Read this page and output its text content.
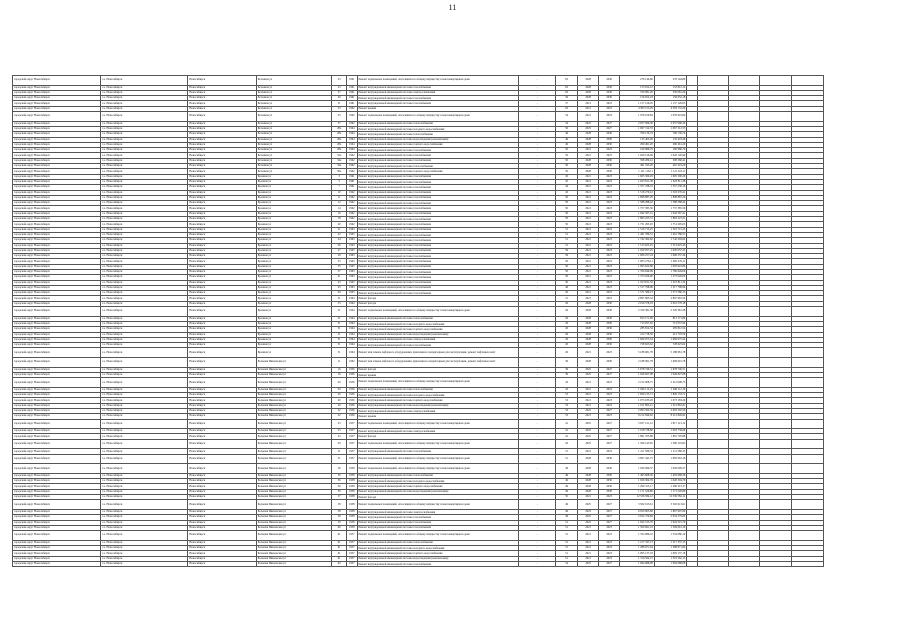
11
городской округ Новосибирск	г.о. Новосибирск	Новосибирск	Бетонная ул	23	1961	Ремонт подвальных помещений, относящихся к общему имуществу в многоквартирном доме	-	63	2028	2030	276 144,80	276 144,80					
городской округ Новосибирск	г.о. Новосибирск	Новосибирск	Бетонная ул	25	1961	Ремонт внутридомовой инженерной системы газоснабжения	-	63	2028	2030	153 812,12	153 812,12					
городской округ Новосибирск	г.о. Новосибирск	Новосибирск	Бетонная ул	27	1961	Ремонт внутридомовой инженерной системы электроснабжения	-	63	2028	2030	550 081,26	550 081,26					
городской округ Новосибирск	г.о. Новосибирск	Новосибирск	Бетонная ул	29	1961	Ремонт внутридомовой инженерной системы газоснабжения	-	56	2028	2030	156 652,18	156 652,18					
городской округ Новосибирск	г.о. Новосибирск	Новосибирск	Бетонная ул	31	1961	Ремонт внутридомовой инженерной системы газоснабжения	-	57	2021	2023	1 157 126,05	1 157 126,05					
городской округ Новосибирск	г.о. Новосибирск	Новосибирск	Бетонная ул	33	1962	Ремонт крыши	-	63	2021	2023	4 393 153,29	4 393 153,29					
городской округ Новосибирск	г.о. Новосибирск	Новосибирск	Бетонная ул	35	1962	Ремонт подвальных помещений, относящихся к общему имуществу в многоквартирном доме	-	54	2021	2023	1 076 919,84	1 076 919,84					
городской округ Новосибирск	г.о. Новосибирск	Новосибирск	Бетонная ул	37	1962	Ремонт внутридомовой инженерной системы теплоснабжения	-	54	2025	2027	2 057 996,30	2 057 996,30					
городской округ Новосибирск	г.о. Новосибирск	Новосибирск	Бетонная ул	28а	1964	Ремонт внутридомовой инженерной системы холодного водоснабжения	-	50	2025	2027	1 067 312,53	1 067 312,53					
городской округ Новосибирск	г.о. Новосибирск	Новосибирск	Бетонная ул	28а	1964	Ремонт внутридомовой инженерной системы теплоснабжения	-	49	2028	2030	790 139,74	790 139,74					
городской округ Новосибирск	г.о. Новосибирск	Новосибирск	Бетонная ул	28а	1964	Ремонт внутридомовой инженерной системы водоотведения (канализации)	-	49	2028	2030	135 403,46	135 403,46					
городской округ Новосибирск	г.о. Новосибирск	Новосибирск	Бетонная ул	28а	1964	Ремонт внутридомовой инженерной системы горячего водоснабжения	-	49	2028	2030	290 461,20	290 461,20					
городской округ Новосибирск	г.о. Новосибирск	Новосибирск	Бетонная ул	28а	1964	Ремонт внутридомовой инженерной системы газоснабжения	-	50	2021	2023	160 986,79	160 986,79					
городской округ Новосибирск	г.о. Новосибирск	Новосибирск	Бетонная ул	32а	1962	Ремонт внутридомовой инженерной системы газоснабжения	-	50	2021	2023	1 020 126,99	1 020 126,99					
городской округ Новосибирск	г.о. Новосибирск	Новосибирск	Бетонная ул	34а	1962	Ремонт внутридомовой инженерной системы газоснабжения	-	50	2028	2030	598 280,41	598 280,41					
городской округ Новосибирск	г.о. Новосибирск	Новосибирск	Бетонная ул	34а	1962	Ремонт внутридомовой инженерной системы теплоснабжения	-	50	2028	2030	491 323,20	491 323,20					
городской округ Новосибирск	г.о. Новосибирск	Новосибирск	Бетонная ул	36а	1962	Ремонт внутридомовой инженерной системы горячего водоснабжения	-	50	2028	2030	1 121 118,11	1 121 118,11					
городской округ Новосибирск	г.о. Новосибирск	Новосибирск	Бронная ул	3	1961	Ремонт внутридомовой инженерной системы газоснабжения	-	45	2021	2023	1 605 300,29	1 605 300,29					
городской округ Новосибирск	г.о. Новосибирск	Новосибирск	Бронная ул	5	1961	Ремонт внутридомовой инженерной системы газоснабжения	-	45	2021	2023	1 623 811,38	1 623 811,38					
городской округ Новосибирск	г.о. Новосибирск	Новосибирск	Бронная ул	7	1961	Ремонт внутридомовой инженерной системы газоснабжения	-	44	2021	2023	1 557 238,16	1 557 238,16					
городской округ Новосибирск	г.о. Новосибирск	Новосибирск	Бронная ул	10	1962	Ремонт внутридомовой инженерной системы газоснабжения	-	45	2021	2023	1 518 270,41	1 518 270,41					
городской округ Новосибирск	г.о. Новосибирск	Новосибирск	Бронная ул	11	1962	Ремонт внутридомовой инженерной системы газоснабжения	-	50	2021	2023	1 898 887,20	1 898 887,20					
городской округ Новосибирск	г.о. Новосибирск	Новосибирск	Бронная ул	12	1962	Ремонт внутридомовой инженерной системы газоснабжения	-	50	2021	2023	1 588 288,42	1 588 288,42					
городской округ Новосибирск	г.о. Новосибирск	Новосибирск	Бронная ул	14	1962	Ремонт внутридомовой инженерной системы газоснабжения	-	50	2021	2023	1 757 385,50	1 757 385,50					
городской округ Новосибирск	г.о. Новосибирск	Новосибирск	Бронная ул	16	1962	Ремонт внутридомовой инженерной системы газоснабжения	-	50	2021	2023	1 042 567,41	1 042 567,41					
городской округ Новосибирск	г.о. Новосибирск	Новосибирск	Бронная ул	18	1962	Ремонт внутридомовой инженерной системы газоснабжения	-	50	2021	2023	1 863 223,31	1 863 223,31					
городской округ Новосибирск	г.о. Новосибирск	Новосибирск	Бронная ул	20	1962	Ремонт внутридомовой инженерной системы газоснабжения	-	50	2021	2023	1 751 295,03	1 751 295,03					
городской округ Новосибирск	г.о. Новосибирск	Новосибирск	Бронная ул	21	1963	Ремонт внутридомовой инженерной системы газоснабжения	-	51	2021	2023	1 519 715,25	1 519 715,25					
городской округ Новосибирск	г.о. Новосибирск	Новосибирск	Бронная ул	22	1963	Ремонт внутридомовой инженерной системы газоснабжения	-	51	2021	2023	1 461 786,51	1 461 786,51					
городской округ Новосибирск	г.о. Новосибирск	Новосибирск	Бронная ул	24	1963	Ремонт внутридомовой инженерной системы газоснабжения	-	51	2021	2023	1 742 392,62	1 742 392,62					
городской округ Новосибирск	г.о. Новосибирск	Новосибирск	Бронная ул	26	1963	Ремонт внутридомовой инженерной системы газоснабжения	-	51	2021	2023	1 513 625,45	1 513 625,45					
городской округ Новосибирск	г.о. Новосибирск	Новосибирск	Бронная ул	27	1963	Ремонт внутридомовой инженерной системы газоснабжения	-	59	2021	2023	1 020 057,25	1 020 057,25					
городской округ Новосибирск	г.о. Новосибирск	Новосибирск	Бронная ул	29	1963	Ремонт внутридомовой инженерной системы газоснабжения	-	59	2021	2023	1 006 257,24	1 006 257,24					
городской округ Новосибирск	г.о. Новосибирск	Новосибирск	Бронная ул	33	1963	Ремонт внутридомовой инженерной системы газоснабжения	-	50	2021	2023	1 605 276,11	1 605 276,11					
городской округ Новосибирск	г.о. Новосибирск	Новосибирск	Бронная ул	35	1963	Ремонт внутридомовой инженерной системы газоснабжения	-	50	2021	2023	1 093 622,86	1 093 622,86					
городской округ Новосибирск	г.о. Новосибирск	Новосибирск	Бронная ул	37	1963	Ремонт внутридомовой инженерной системы газоснабжения	-	50	2021	2023	1 760 649,09	1 760 649,09					
городской округ Новосибирск	г.о. Новосибирск	Новосибирск	Бронная ул	41	1963	Ремонт внутридомовой инженерной системы газоснабжения	-	50	2021	2023	1 373 026,00	1 373 026,00					
городской округ Новосибирск	г.о. Новосибирск	Новосибирск	Бронная ул	43	1963	Ремонт внутридомовой инженерной системы газоснабжения	-	50	2021	2023	1 913 811,32	1 913 811,32					
городской округ Новосибирск	г.о. Новосибирск	Новосибирск	Бронная ул	45	1963	Ремонт внутридомовой инженерной системы газоснабжения	-	46	2021	2023	1 517 798,96	1 517 798,96					
городской округ Новосибирск	г.о. Новосибирск	Новосибирск	Бронная ул	49	1963	Ремонт внутридомовой инженерной системы газоснабжения	-	50	2021	2023	1 571 580,13	1 571 580,13					
городской округ Новосибирск	г.о. Новосибирск	Новосибирск	Бронная ул	51	1964	Ремонт фасада	-	51	2021	2023	2 897 963,54	2 897 963,54					
городской округ Новосибирск	г.о. Новосибирск	Новосибирск	Бронная ул	53	1964	Ремонт фасада	-	26	2028	2030	2 016 578,18	2 016 578,18					
городской округ Новосибирск	г.о. Новосибирск	Новосибирск	Бронная ул	51	1964	Ремонт подвальных помещений, относящихся к общему имуществу в многоквартирном доме	-	26	2028	2030	2 329 381,38	2 329 381,38					
городской округ Новосибирск	г.о. Новосибирск	Новосибирск	Бронная ул	51	1964	Ремонт внутридомовой инженерной системы теплоснабжения	-	26	2028	2030	813 171,89	813 171,89					
городской округ Новосибирск	г.о. Новосибирск	Новосибирск	Бронная ул	51	1964	Ремонт внутридомовой инженерной системы холодного водоснабжения	-	26	2028	2030	713 057,92	713 057,92					
городской округ Новосибирск	г.о. Новосибирск	Новосибирск	Бронная ул	51	1964	Ремонт внутридомовой инженерной системы горячего водоснабжения	-	26	2028	2030	285 812,54	285 812,54					
городской округ Новосибирск	г.о. Новосибирск	Новосибирск	Бронная ул	51	1964	Ремонт внутридомовой инженерной системы водоотведения (канализации)	-	26	2028	2030	212 718,50	212 718,50					
городской округ Новосибирск	г.о. Новосибирск	Новосибирск	Бронная ул	51	1964	Ремонт внутридомовой инженерной системы электроснабжения	-	26	2028	2030	1 669 975,54	1 669 975,54					
городской округ Новосибирск	г.о. Новосибирск	Новосибирск	Бронная ул	51	1964	Ремонт внутридомовой инженерной системы газоснабжения	-	26	2028	2030	728 625,62	728 625,62					
городской округ Новосибирск	г.о. Новосибирск	Новосибирск	Бронная ул	51	1964	Ремонт или замена лифтового оборудования, признанного непригодным для эксплуатации, ремонт лифтовых шахт	-	26	2021	2023	5 188 681,78	5 188 681,78					
городской округ Новосибирск	г.о. Новосибирск	Новосибирск	Большая Ивановская ул	11	1962	Ремонт или замена лифтового оборудования, признанного непригодным для эксплуатации, ремонт лифтовых шахт	-	36	2028	2030	2 188 091,78	1 609 691,78					
городской округ Новосибирск	г.о. Новосибирск	Новосибирск	Большая Ивановская ул	16	1956	Ремонт фасада	-	39	2025	2027	1 678 746,51	1 678 746,51					
городской округ Новосибирск	г.о. Новосибирск	Новосибирск	Большая Ивановская ул	16	1956	Ремонт крыши	-	39	2025	2027	1 926 827,08	1 926 827,08					
городской округ Новосибирск	г.о. Новосибирск	Новосибирск	Большая Ивановская ул	20	1956	Ремонт подвальных помещений, относящихся к общему имуществу в многоквартирном доме	-	43	2021	2023	2 212 008,75	2 212 008,75					
городской округ Новосибирск	г.о. Новосибирск	Новосибирск	Большая Ивановская ул	20	1956	Ремонт внутридомовой инженерной системы теплоснабжения	-	43	2021	2023	1 046 112,19	1 046 112,19					
городской округ Новосибирск	г.о. Новосибирск	Новосибирск	Большая Ивановская ул	20	1956	Ремонт внутридомовой инженерной системы холодного водоснабжения	-	53	2021	2023	1 820 133,71	1 820 133,71					
городской округ Новосибирск	г.о. Новосибирск	Новосибирск	Большая Ивановская ул	20	1956	Ремонт внутридомовой инженерной системы горячего водоснабжения	-	53	2021	2023	1 073 183,29	1 073 183,29					
городской округ Новосибирск	г.о. Новосибирск	Новосибирск	Большая Ивановская ул	20	1956	Ремонт внутридомовой инженерной системы водоотведения (канализации)	-	53	2021	2023	1 011 863,41	1 011 863,41					
городской округ Новосибирск	г.о. Новосибирск	Новосибирск	Большая Ивановская ул	22	1956	Ремонт внутридомовой инженерной системы электроснабжения	-	53	2025	2027	2 093 592,59	2 093 592,59					
городской округ Новосибирск	г.о. Новосибирск	Новосибирск	Большая Ивановская ул	22	1956	Ремонт крыши	-	53	2021	2023	8 212 849,92	8 212 849,92					
городской округ Новосибирск	г.о. Новосибирск	Новосибирск	Большая Ивановская ул	23	1957	Ремонт подвальных помещений, относящихся к общему имуществу в многоквартирном доме	-	41	2025	2027	5 637 121,12	1 817 121,12					
городской округ Новосибирск	г.о. Новосибирск	Новосибирск	Большая Ивановская ул	25	1957	Ремонт внутридомовой инженерной системы электроснабжения	-	41	2025	2027	1 018 738,60	1 018 738,60					
городской округ Новосибирск	г.о. Новосибирск	Новосибирск	Большая Ивановская ул	25	1957	Ремонт фасада	-	41	2025	2027	1 891 705,88	1 891 705,88					
городской округ Новосибирск	г.о. Новосибирск	Новосибирск	Большая Ивановская ул	29	1957	Ремонт подвальных помещений, относящихся к общему имуществу в многоквартирном доме	-	42	2025	2027	1 590 143,65	1 590 143,65					
городской округ Новосибирск	г.о. Новосибирск	Новосибирск	Большая Ивановская ул	31	1957	Ремонт внутридомовой инженерной системы газоснабжения	-	51	2021	2023	1 211 580,33	1 211 580,33					
городской округ Новосибирск	г.о. Новосибирск	Новосибирск	Большая Ивановская ул	31	1957	Ремонт подвальных помещений, относящихся к общему имуществу в многоквартирном доме	-	51	2028	2030	2 697 441,75	1 895 063,18					
городской округ Новосибирск	г.о. Новосибирск	Новосибирск	Большая Ивановская ул	56	1958	Ремонт подвальных помещений, относящихся к общему имуществу в многоквартирном доме	-	49	2028	2030	1 026 099,37	1 026 099,37					
городской округ Новосибирск	г.о. Новосибирск	Новосибирск	Большая Ивановская ул	56	1958	Ремонт внутридомовой инженерной системы теплоснабжения	-	49	2028	2030	1 493 668,36	1 493 668,36					
городской округ Новосибирск	г.о. Новосибирск	Новосибирск	Большая Ивановская ул	56	1958	Ремонт внутридомовой инженерной системы холодного водоснабжения	-	49	2028	2030	1 026 304,76	1 026 304,76					
городской округ Новосибирск	г.о. Новосибирск	Новосибирск	Большая Ивановская ул	56	1958	Ремонт внутридомовой инженерной системы горячего водоснабжения	-	49	2028	2030	1 290 313,17	1 290 313,17					
городской округ Новосибирск	г.о. Новосибирск	Новосибирск	Большая Ивановская ул	56	1958	Ремонт внутридомовой инженерной системы водоотведения (канализации)	-	49	2028	2030	1 171 526,80	1 171 526,80					
городской округ Новосибирск	г.о. Новосибирск	Новосибирск	Большая Ивановская ул	57	1958	Ремонт фасада	-	55	2021	2023	12 536 584,12	12 536 584,12					
городской округ Новосибирск	г.о. Новосибирск	Новосибирск	Большая Ивановская ул	58	1958	Ремонт подвальных помещений, относящихся к общему имуществу в многоквартирном доме	-	49	2025	2027	3 502 913,61	3 502 913,61					
городской округ Новосибирск	г.о. Новосибирск	Новосибирск	Большая Ивановская ул	58	1958	Ремонт внутридомовой инженерной системы электроснабжения	-	49	2025	2027	6 950 903,60	1 867 907,60					
городской округ Новосибирск	г.о. Новосибирск	Новосибирск	Большая Ивановская ул	58	1958	Ремонт внутридомовой инженерной системы газоснабжения	-	49	2025	2027	2 054 379,69	2 054 379,69					
городской округ Новосибирск	г.о. Новосибирск	Новосибирск	Большая Ивановская ул	59	1958	Ремонт внутридомовой инженерной системы газоснабжения	-	51	2025	2027	1 924 315,70	1 924 315,70					
городской округ Новосибирск	г.о. Новосибирск	Новосибирск	Большая Ивановская ул	60	1958	Ремонт внутридомовой инженерной системы газоснабжения	-	51	2021	2023	1 509 661,19	1 509 661,19					
городской округ Новосибирск	г.о. Новосибирск	Новосибирск	Большая Ивановская ул	61	1957	Ремонт подвальных помещений, относящихся к общему имуществу в многоквартирном доме	-	51	2021	2023	1 354 080,10	1 354 080,10					
городской округ Новосибирск	г.о. Новосибирск	Новосибирск	Большая Ивановская ул	61	1957	Ремонт внутридомовой инженерной системы теплоснабжения	-	51	2021	2023	1 217 337,13	1 217 337,13					
городской округ Новосибирск	г.о. Новосибирск	Новосибирск	Большая Ивановская ул	61	1957	Ремонт внутридомовой инженерной системы холодного водоснабжения	-	51	2021	2023	1 288 871,64	1 288 871,64					
городской округ Новосибирск	г.о. Новосибирск	Новосибирск	Большая Ивановская ул	61	1957	Ремонт внутридомовой инженерной системы горячего водоснабжения	-	51	2021	2023	1 095 137,18	1 095 137,18					
городской округ Новосибирск	г.о. Новосибирск	Новосибирск	Большая Ивановская ул	61	1957	Ремонт внутридомовой инженерной системы водоотведения (канализации)	-	51	2021	2023	1 319 562,15	1 319 562,15					
городской округ Новосибирск	г.о. Новосибирск	Новосибирск	Большая Ивановская ул	62	1957	Ремонт внутридомовой инженерной системы газоснабжения	-	54	2025	2027	1 064 688,08	1 064 688,08					
